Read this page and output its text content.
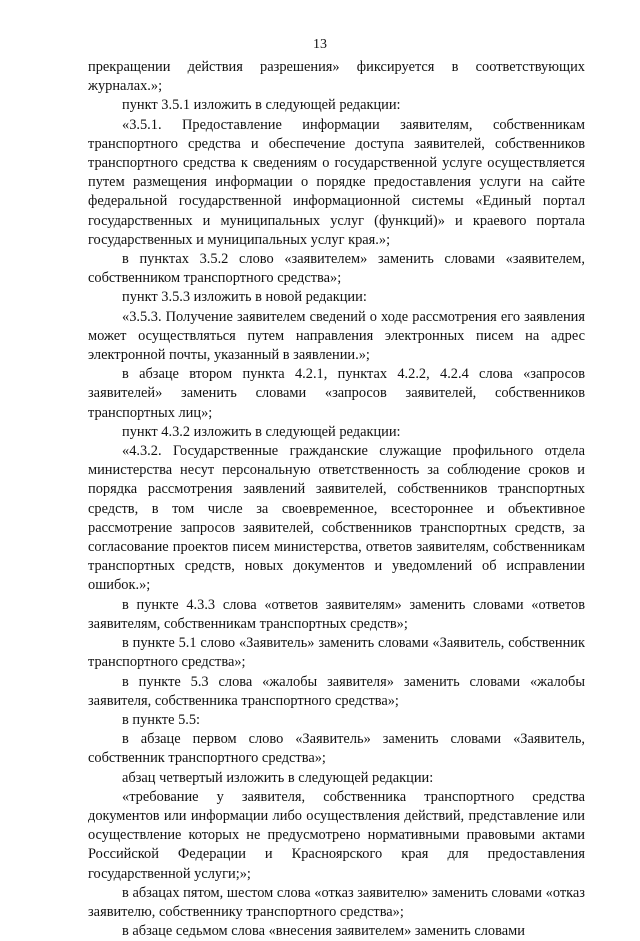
13

прекращении действия разрешения» фиксируется в соответствующих журналах.»;

пункт 3.5.1 изложить в следующей редакции:

«3.5.1. Предоставление информации заявителям, собственникам транспортного средства и обеспечение доступа заявителей, собственников транспортного средства к сведениям о государственной услуге осуществляется путем размещения информации о порядке предоставления услуги на сайте федеральной государственной информационной системы «Единый портал государственных и муниципальных услуг (функций)» и краевого портала государственных и муниципальных услуг края.»;

в пунктах 3.5.2 слово «заявителем» заменить словами «заявителем, собственником транспортного средства»;

пункт 3.5.3 изложить в новой редакции:

«3.5.3. Получение заявителем сведений о ходе рассмотрения его заявления может осуществляться путем направления электронных писем на адрес электронной почты, указанный в заявлении.»;

в абзаце втором пункта 4.2.1, пунктах 4.2.2, 4.2.4 слова «запросов заявителей» заменить словами «запросов заявителей, собственников транспортных лиц»;

пункт 4.3.2 изложить в следующей редакции:

«4.3.2. Государственные гражданские служащие профильного отдела министерства несут персональную ответственность за соблюдение сроков и порядка рассмотрения заявлений заявителей, собственников транспортных средств, в том числе за своевременное, всестороннее и объективное рассмотрение запросов заявителей, собственников транспортных средств, за согласование проектов писем министерства, ответов заявителям, собственникам транспортных средств, новых документов и уведомлений об исправлении ошибок.»;

в пункте 4.3.3 слова «ответов заявителям» заменить словами «ответов заявителям, собственникам транспортных средств»;

в пункте 5.1 слово «Заявитель» заменить словами «Заявитель, собственник транспортного средства»;

в пункте 5.3 слова «жалобы заявителя» заменить словами «жалобы заявителя, собственника транспортного средства»;

в пункте 5.5:

в абзаце первом слово «Заявитель» заменить словами «Заявитель, собственник транспортного средства»;

абзац четвертый изложить в следующей редакции:

«требование у заявителя, собственника транспортного средства документов или информации либо осуществления действий, представление или осуществление которых не предусмотрено нормативными правовыми актами Российской Федерации и Красноярского края для предоставления государственной услуги;»;

в абзацах пятом, шестом слова «отказ заявителю» заменить словами «отказ заявителю, собственнику транспортного средства»;

в абзаце седьмом слова «внесения заявителем» заменить словами
